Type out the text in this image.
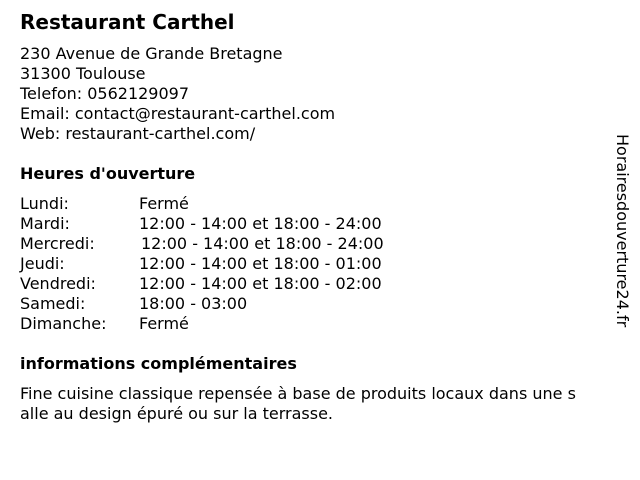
Restaurant Carthel
230 Avenue de Grande Bretagne
31300 Toulouse
Telefon: 0562129097
Email: contact@restaurant-carthel.com
Web: restaurant-carthel.com/
Heures d'ouverture
Lundi:	Fermé
Mardi:	12:00 - 14:00 et 18:00 - 24:00
Mercredi:	12:00 - 14:00 et 18:00 - 24:00
Jeudi:	12:00 - 14:00 et 18:00 - 01:00
Vendredi:	12:00 - 14:00 et 18:00 - 02:00
Samedi:	18:00 - 03:00
Dimanche: Fermé
informations complémentaires
Fine cuisine classique repensée à base de produits locaux dans une s
alle au design épuré ou sur la terrasse.
Horairesdouverture24.fr
